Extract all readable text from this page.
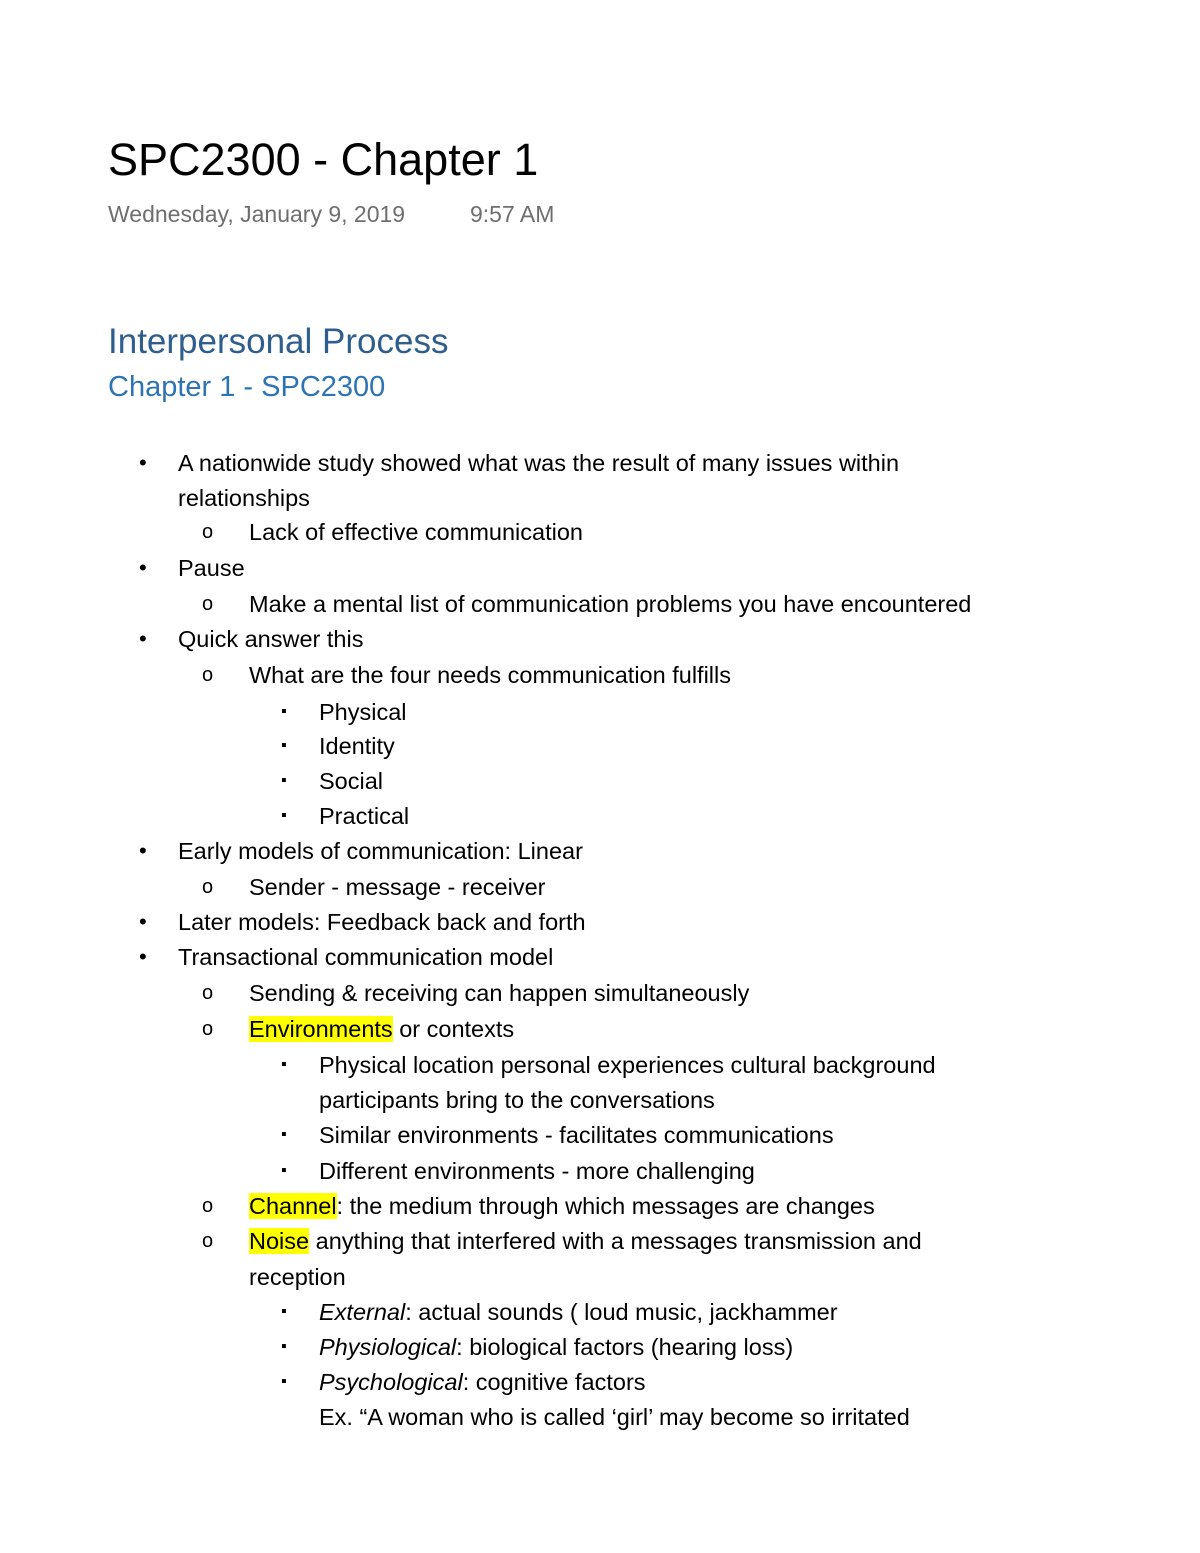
SPC2300 - Chapter 1
Wednesday, January 9, 2019	9:57 AM
Interpersonal Process
Chapter 1 - SPC2300
• A nationwide study showed what was the result of many issues within
relationships
o Lack of effective communication
• Pause
o Make a mental list of communication problems you have encountered
• Quick answer this
o What are the four needs communication fulfills
▪ Physical
▪ Identity
▪ Social
▪ Practical
• Early models of communication: Linear
o Sender - message - receiver
• Later models: Feedback back and forth
• Transactional communication model
o Sending & receiving can happen simultaneously
o Environments or contexts
▪ Physical location personal experiences cultural background
participants bring to the conversations
▪ Similar environments - facilitates communications
▪ Different environments - more challenging
o Channel: the medium through which messages are changes
o Noise anything that interfered with a messages transmission and
reception
▪ External: actual sounds ( loud music, jackhammer
▪ Physiological: biological factors (hearing loss)
▪ Psychological: cognitive factors
Ex. “A woman who is called ‘girl’ may become so irritated
